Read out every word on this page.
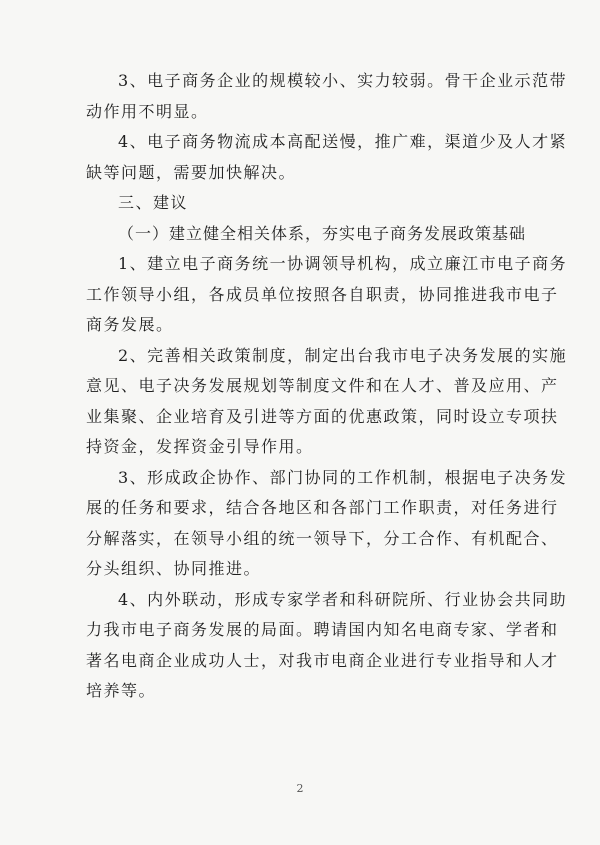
3、电子商务企业的规模较小、实力较弱。骨干企业示范带
动作用不明显。

4、电子商务物流成本高配送慢，推广难，渠道少及人才紧
缺等问题，需要加快解决。

三、建议

（一）建立健全相关体系，夯实电子商务发展政策基础

1、建立电子商务统一协调领导机构，成立廉江市电子商务
工作领导小组，各成员单位按照各自职责，协同推进我市电子
商务发展。

2、完善相关政策制度，制定出台我市电子决务发展的实施
意见、电子决务发展规划等制度文件和在人才、普及应用、产
业集聚、企业培育及引进等方面的优惠政策，同时设立专项扶
持资金，发挥资金引导作用。

3、形成政企协作、部门协同的工作机制，根据电子决务发
展的任务和要求，结合各地区和各部门工作职责，对任务进行
分解落实，在领导小组的统一领导下，分工合作、有机配合、
分头组织、协同推进。

4、内外联动，形成专家学者和科研院所、行业协会共同助
力我市电子商务发展的局面。聘请国内知名电商专家、学者和
著名电商企业成功人士，对我市电商企业进行专业指导和人才
培养等。

2
